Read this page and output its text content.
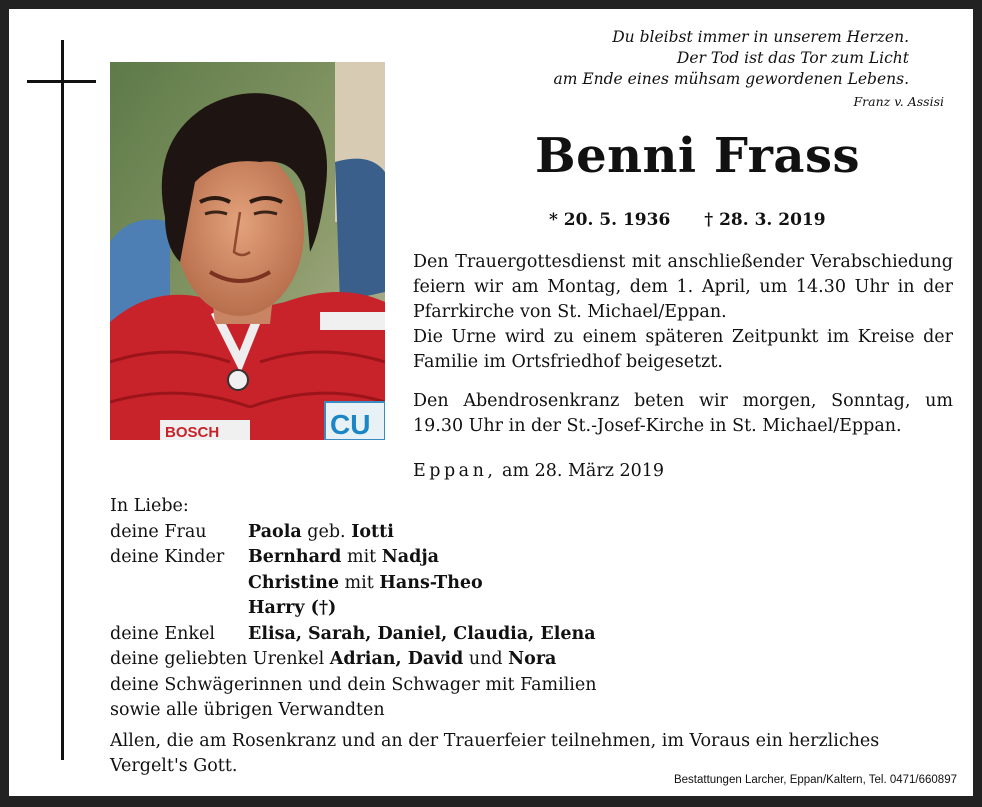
BOSCH	CU
Du bleibst immer in unserem Herzen.
Der Tod ist das Tor zum Licht
am Ende eines mühsam gewordenen Lebens.
Franz v. Assisi
Benni Frass
* 20. 5. 1936 † 28. 3. 2019
Den Trauergottesdienst mit anschließender Verabschiedung feiern wir am Montag, dem 1. April, um 14.30 Uhr in der Pfarrkirche von St. Michael/Eppan.
Die Urne wird zu einem späteren Zeitpunkt im Kreise der Familie im Ortsfriedhof beigesetzt.
Den Abendrosenkranz beten wir morgen, Sonntag, um 19.30 Uhr in der St.-Josef-Kirche in St. Michael/Eppan.
Eppan, am 28. März 2019
In Liebe:
deine Frau Paola geb. Iotti
deine Kinder Bernhard mit Nadja
Christine mit Hans-Theo
Harry (†)
deine Enkel Elisa, Sarah, Daniel, Claudia, Elena
deine geliebten Urenkel Adrian, David und Nora
deine Schwägerinnen und dein Schwager mit Familien
sowie alle übrigen Verwandten
Allen, die am Rosenkranz und an der Trauerfeier teilnehmen, im Voraus ein herzliches Vergelt's Gott.
Bestattungen Larcher, Eppan/Kaltern, Tel. 0471/660897
